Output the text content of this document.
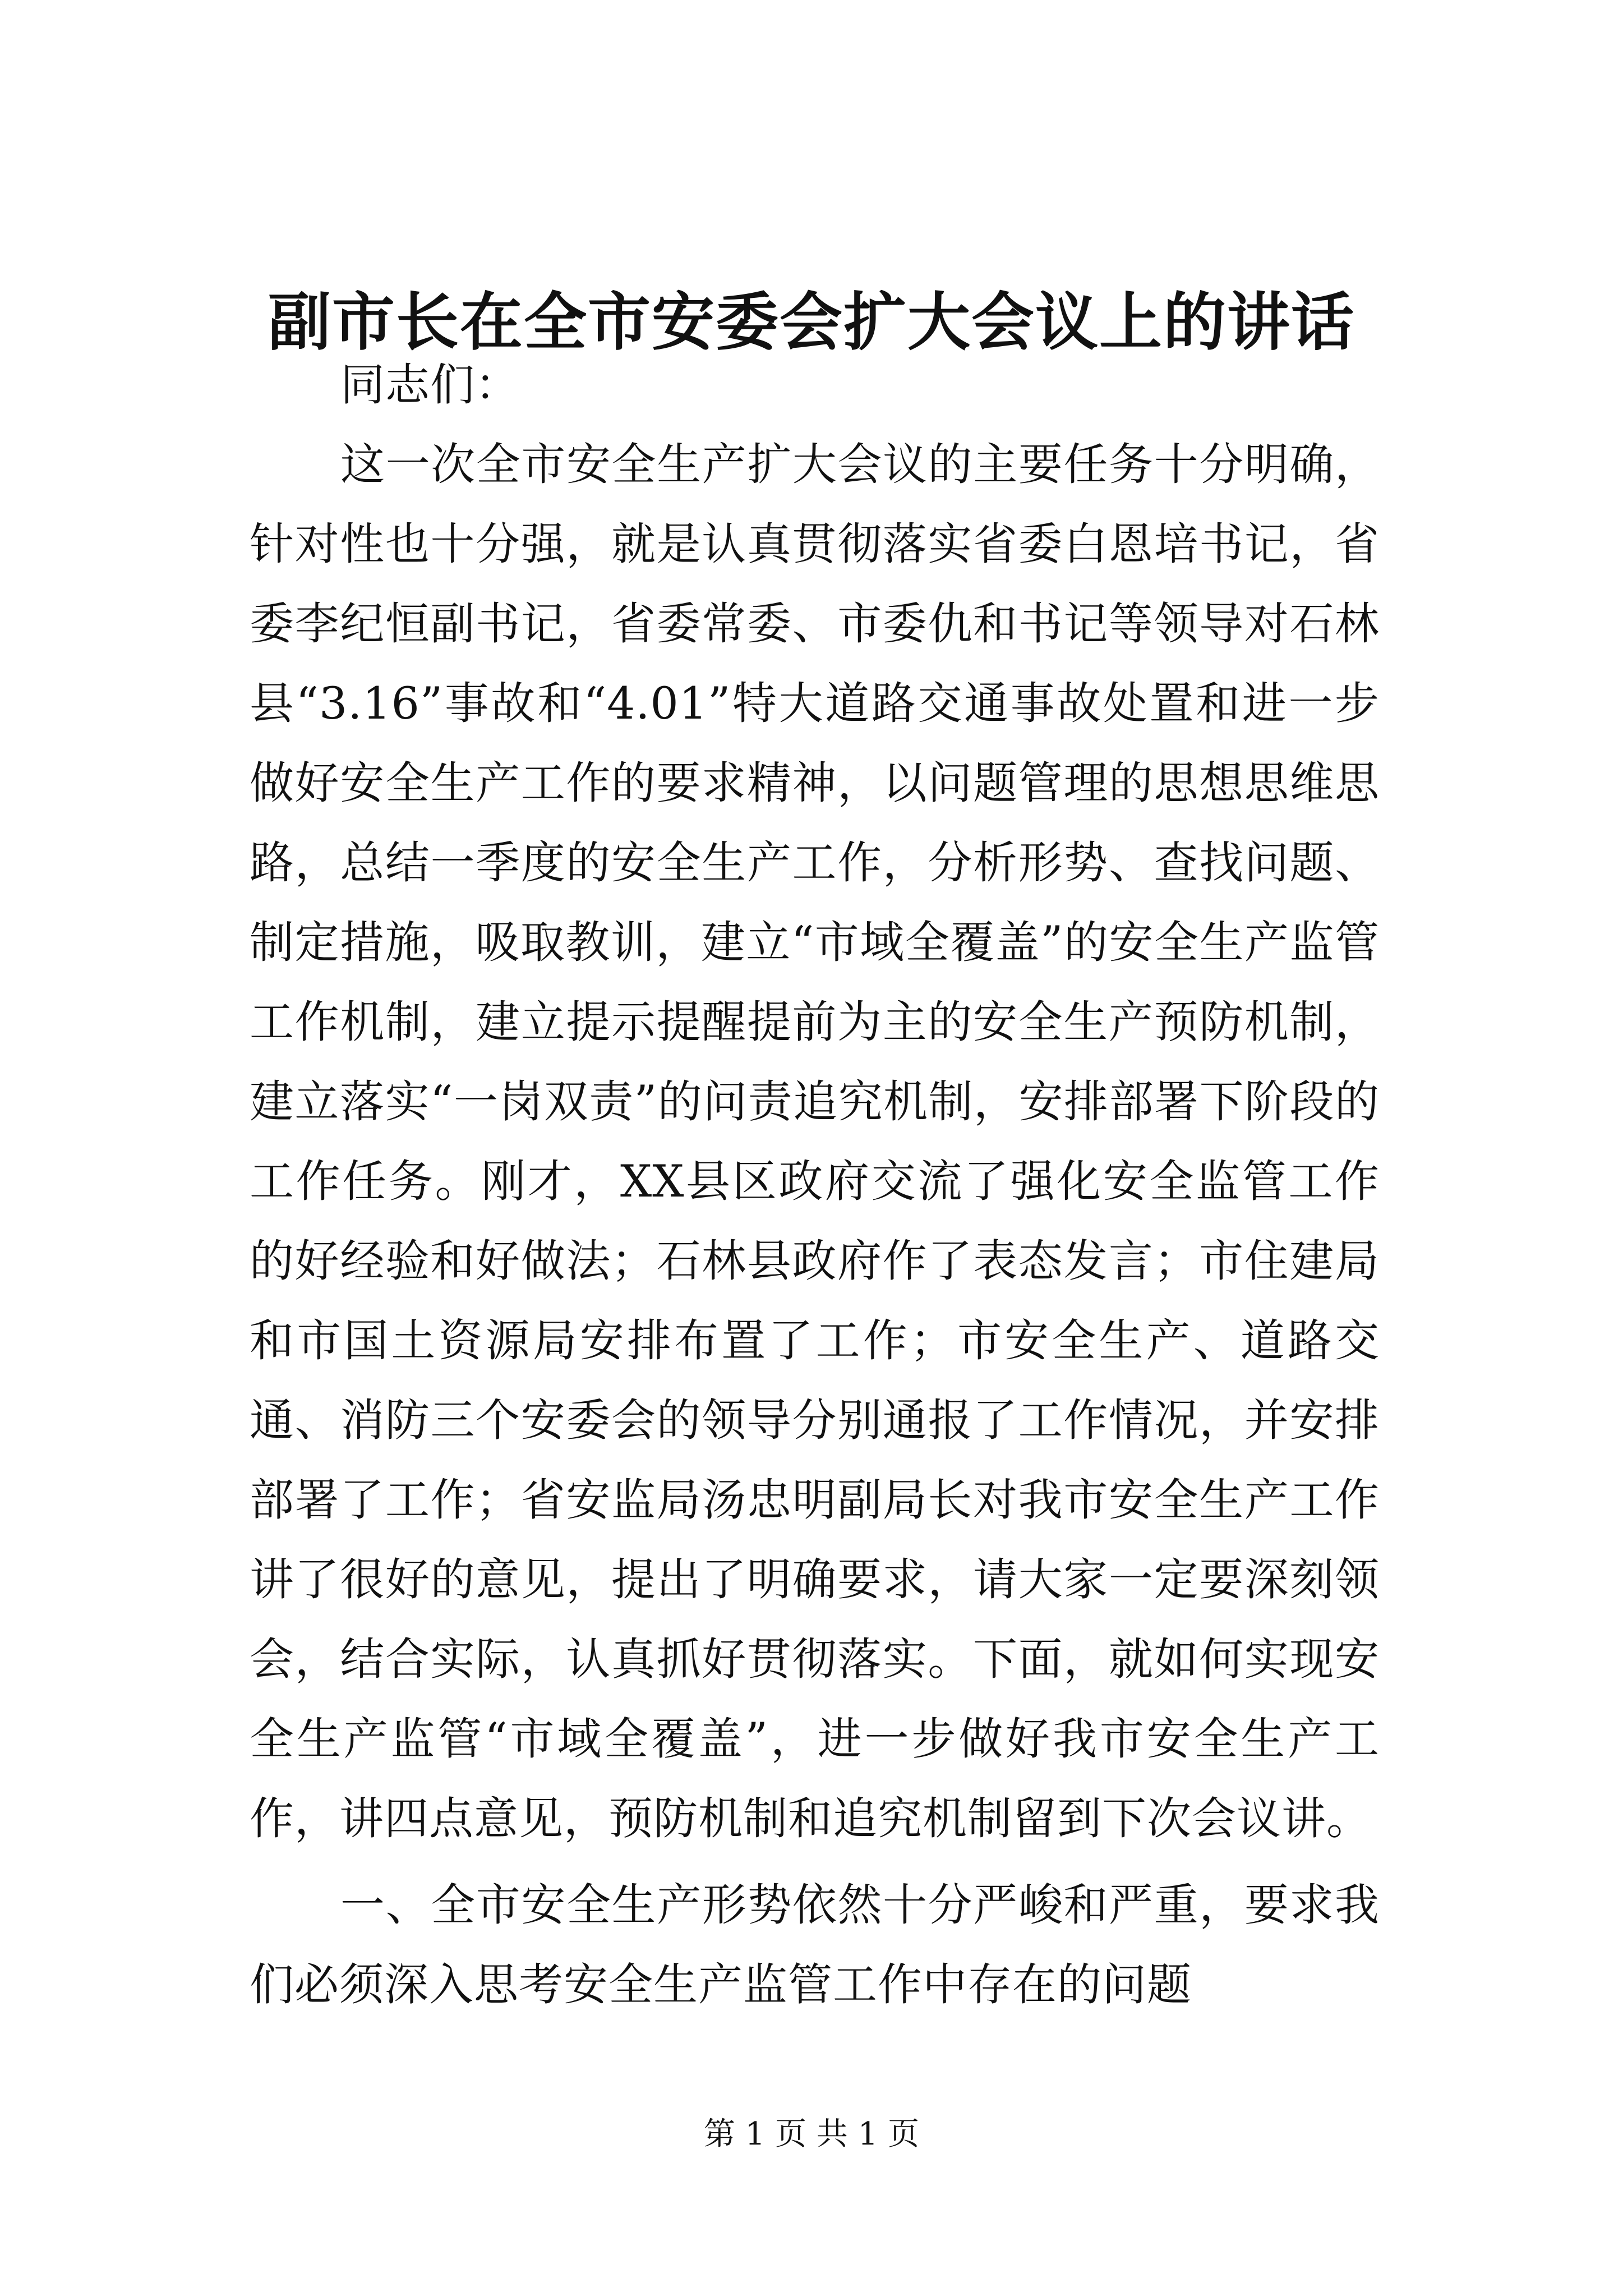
副市长在全市安委会扩大会议上的讲话

同志们：

这一次全市安全生产扩大会议的主要任务十分明确，针对性也十分强，就是认真贯彻落实省委白恩培书记，省委李纪恒副书记，省委常委、市委仇和书记等领导对石林县“3.16”事故和“4.01”特大道路交通事故处置和进一步做好安全生产工作的要求精神，以问题管理的思想思维思路，总结一季度的安全生产工作，分析形势、查找问题、制定措施，吸取教训，建立“市域全覆盖”的安全生产监管工作机制，建立提示提醒提前为主的安全生产预防机制，建立落实“一岗双责”的问责追究机制，安排部署下阶段的工作任务。刚才，XX县区政府交流了强化安全监管工作的好经验和好做法；石林县政府作了表态发言；市住建局和市国土资源局安排布置了工作；市安全生产、道路交通、消防三个安委会的领导分别通报了工作情况，并安排部署了工作；省安监局汤忠明副局长对我市安全生产工作讲了很好的意见，提出了明确要求，请大家一定要深刻领会，结合实际，认真抓好贯彻落实。下面，就如何实现安全生产监管“市域全覆盖”，进一步做好我市安全生产工作，讲四点意见，预防机制和追究机制留到下次会议讲。

一、全市安全生产形势依然十分严峻和严重，要求我们必须深入思考安全生产监管工作中存在的问题

第 1 页 共 1 页
